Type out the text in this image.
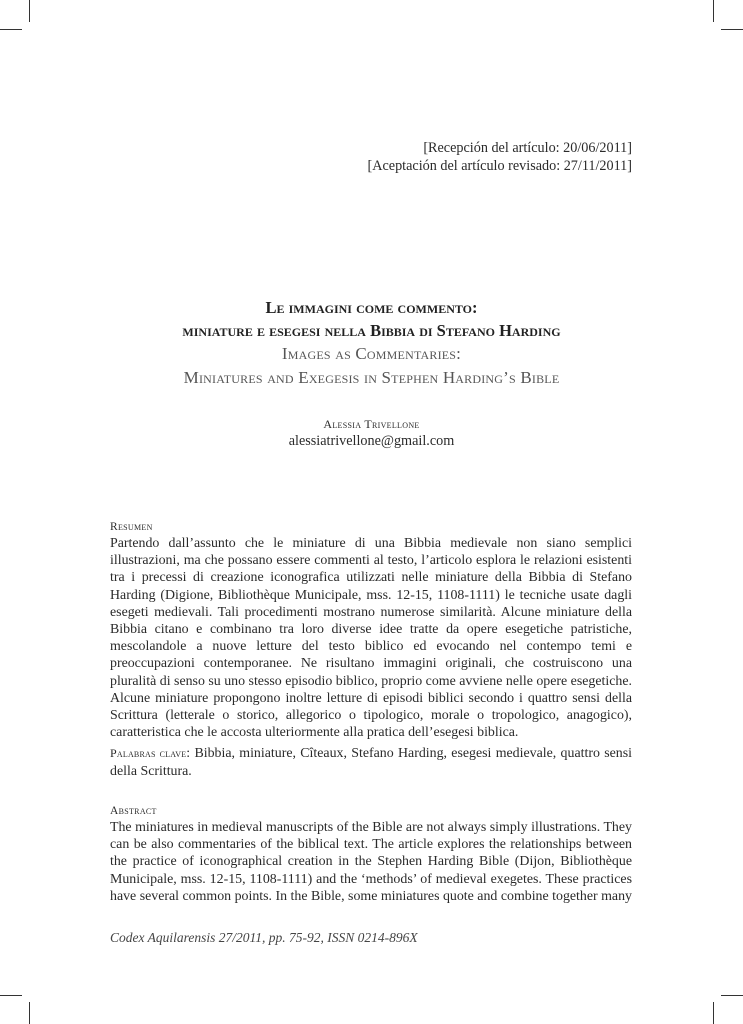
[Recepción del artículo: 20/06/2011]
[Aceptación del artículo revisado: 27/11/2011]
Le immagini come commento:
miniature e esegesi nella Bibbia di Stefano Harding
Images as Commentaries:
Miniatures and Exegesis in Stephen Harding’s Bible
Alessia Trivellone
alessiatrivellone@gmail.com
Resumen
Partendo dall’assunto che le miniature di una Bibbia medievale non siano semplici illustrazioni, ma che possano essere commenti al testo, l’articolo esplora le relazioni esistenti tra i precessi di creazione iconografica utilizzati nelle miniature della Bibbia di Stefano Harding (Digione, Bibliothèque Municipale, mss. 12-15, 1108-1111) le tecniche usate dagli esegeti medievali. Tali procedimenti mostrano numerose similarità. Alcune miniature della Bibbia citano e combinano tra loro diverse idee tratte da opere esegetiche patristiche, mescolandole a nuove letture del testo biblico ed evocando nel contempo temi e preoccupazioni contemporanee. Ne risultano immagini originali, che costruiscono una pluralità di senso su uno stesso episodio biblico, proprio come avviene nelle opere esegetiche. Alcune miniature propongono inoltre letture di episodi biblici secondo i quattro sensi della Scrittura (letterale o storico, allegorico o tipologico, morale o tropologico, anagogico), caratteristica che le accosta ulteriormente alla pratica dell’esegesi biblica.
Palabras clave: Bibbia, miniature, Cîteaux, Stefano Harding, esegesi medievale, quattro sensi della Scrittura.
Abstract
The miniatures in medieval manuscripts of the Bible are not always simply illustrations. They can be also commentaries of the biblical text. The article explores the relationships between the practice of iconographical creation in the Stephen Harding Bible (Dijon, Bibliothèque Municipale, mss. 12-15, 1108-1111) and the ‘methods’ of medieval exegetes. These practices have several common points. In the Bible, some miniatures quote and combine together many
Codex Aquilarensis 27/2011, pp. 75-92, ISSN 0214-896X
